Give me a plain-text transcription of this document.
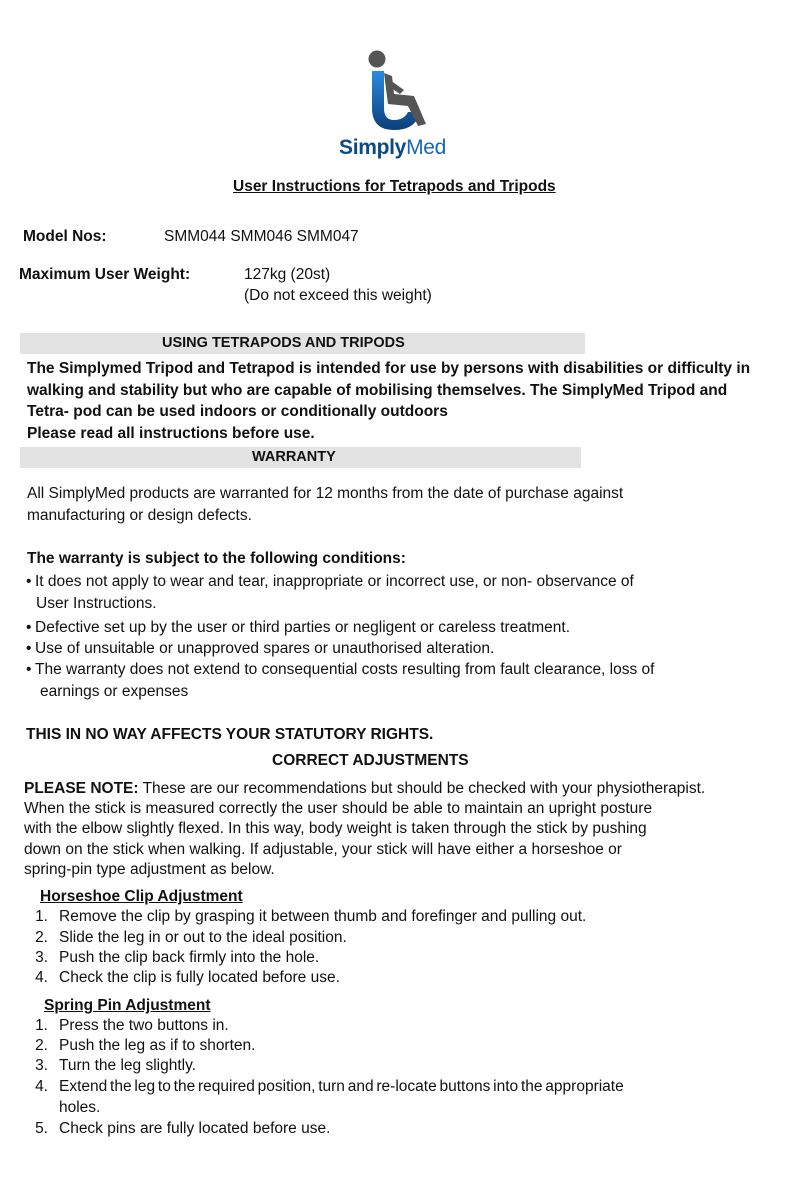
SimplyMed
User Instructions for Tetrapods and Tripods
Model Nos:	SMM044 SMM046 SMM047
Maximum User Weight:	127kg (20st)
(Do not exceed this weight)
USING TETRAPODS AND TRIPODS
The Simplymed Tripod and Tetrapod is intended for use by persons with disabilities or difficulty in
walking and stability but who are capable of mobilising themselves. The SimplyMed Tripod and
Tetra- pod can be used indoors or conditionally outdoors
Please read all instructions before use.
WARRANTY
All SimplyMed products are warranted for 12 months from the date of purchase against
manufacturing or design defects.
The warranty is subject to the following conditions:
• It does not apply to wear and tear, inappropriate or incorrect use, or non- observance of
User Instructions.
• Defective set up by the user or third parties or negligent or careless treatment.
• Use of unsuitable or unapproved spares or unauthorised alteration.
• The warranty does not extend to consequential costs resulting from fault clearance, loss of
earnings or expenses
THIS IN NO WAY AFFECTS YOUR STATUTORY RIGHTS.
CORRECT ADJUSTMENTS
PLEASE NOTE: These are our recommendations but should be checked with your physiotherapist.
When the stick is measured correctly the user should be able to maintain an upright posture
with the elbow slightly flexed. In this way, body weight is taken through the stick by pushing
down on the stick when walking. If adjustable, your stick will have either a horseshoe or
spring-pin type adjustment as below.
Horseshoe Clip Adjustment
1. Remove the clip by grasping it between thumb and forefinger and pulling out.
2. Slide the leg in or out to the ideal position.
3. Push the clip back firmly into the hole.
4. Check the clip is fully located before use.
Spring Pin Adjustment
1. Press the two buttons in.
2. Push the leg as if to shorten.
3. Turn the leg slightly.
4. Extend the leg to the required position, turn and re-locate buttons into the appropriate
holes.
5. Check pins are fully located before use.
